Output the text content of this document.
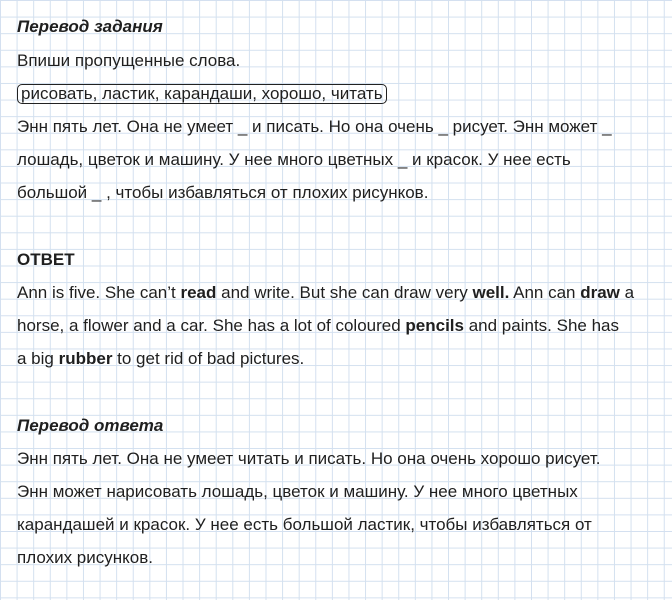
Перевод задания
Впиши пропущенные слова.
рисовать, ластик, карандаши, хорошо, читать
Энн пять лет. Она не умеет _ и писать. Но она очень _ рисует. Энн может _
лошадь, цветок и машину. У нее много цветных _ и красок. У нее есть
большой _ , чтобы избавляться от плохих рисунков.
ОТВЕТ
Ann is five. She can’t read and write. But she can draw very well. Ann can draw a
horse, a flower and a car. She has a lot of coloured pencils and paints. She has
a big rubber to get rid of bad pictures.
Перевод ответа
Энн пять лет. Она не умеет читать и писать. Но она очень хорошо рисует.
Энн может нарисовать лошадь, цветок и машину. У нее много цветных
карандашей и красок. У нее есть большой ластик, чтобы избавляться от
плохих рисунков.
